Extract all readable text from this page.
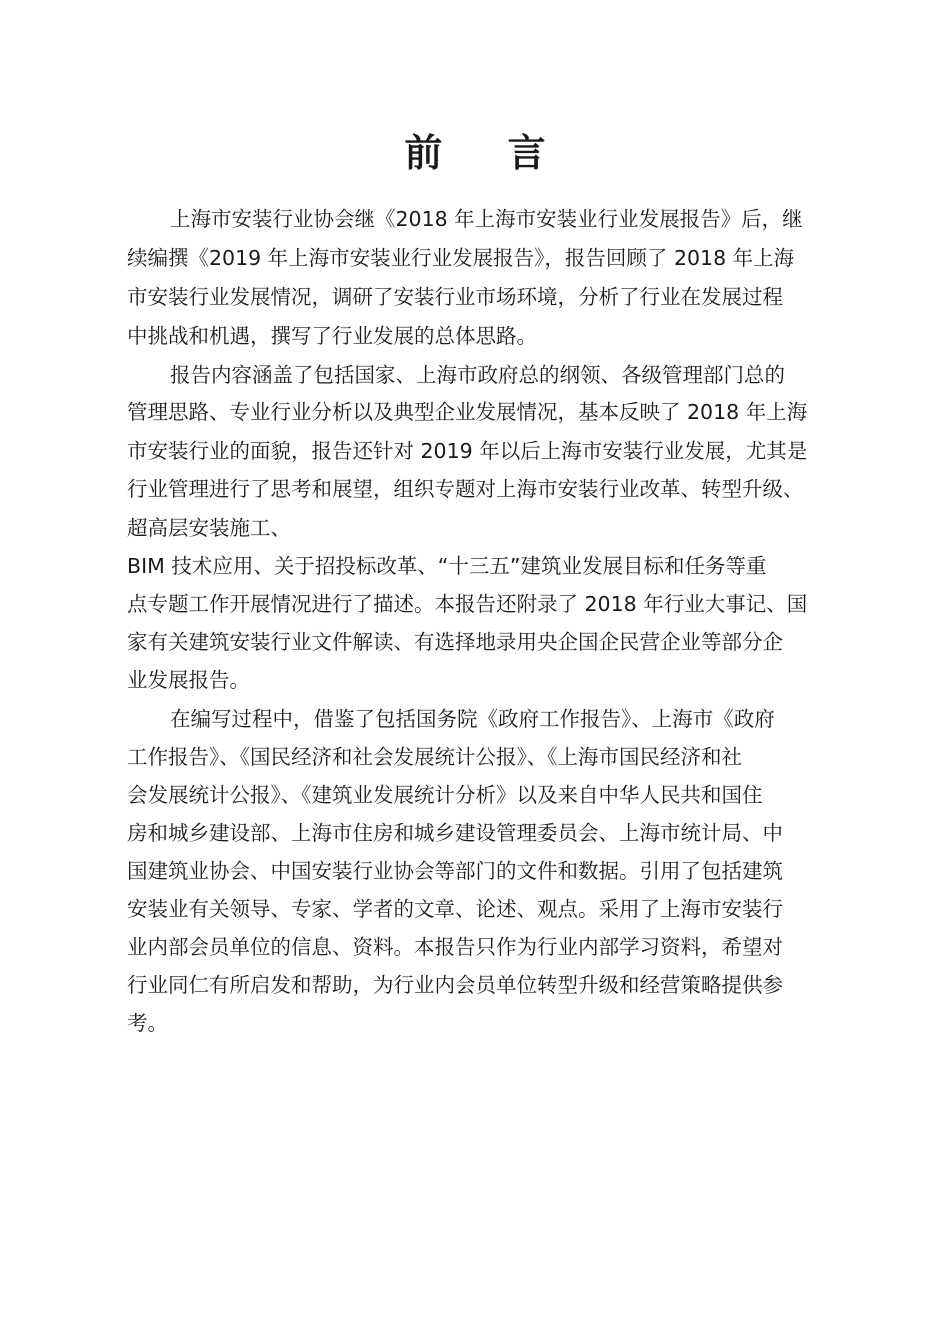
前 言
上海市安装行业协会继《2018 年上海市安装业行业发展报告》后，继
续编撰《2019 年上海市安装业行业发展报告》，报告回顾了 2018 年上海
市安装行业发展情况，调研了安装行业市场环境，分析了行业在发展过程
中挑战和机遇，撰写了行业发展的总体思路。
报告内容涵盖了包括国家、上海市政府总的纲领、各级管理部门总的
管理思路、专业行业分析以及典型企业发展情况，基本反映了 2018 年上海
市安装行业的面貌，报告还针对 2019 年以后上海市安装行业发展，尤其是
行业管理进行了思考和展望，组织专题对上海市安装行业改革、转型升级、
超高层安装施工、
BIM 技术应用、关于招投标改革、“十三五”建筑业发展目标和任务等重
点专题工作开展情况进行了描述。本报告还附录了 2018 年行业大事记、国
家有关建筑安装行业文件解读、有选择地录用央企国企民营企业等部分企
业发展报告。
在编写过程中，借鉴了包括国务院《政府工作报告》、上海市《政府
工作报告》、《国民经济和社会发展统计公报》、《上海市国民经济和社
会发展统计公报》、《建筑业发展统计分析》以及来自中华人民共和国住
房和城乡建设部、上海市住房和城乡建设管理委员会、上海市统计局、中
国建筑业协会、中国安装行业协会等部门的文件和数据。引用了包括建筑
安装业有关领导、专家、学者的文章、论述、观点。采用了上海市安装行
业内部会员单位的信息、资料。本报告只作为行业内部学习资料，希望对
行业同仁有所启发和帮助，为行业内会员单位转型升级和经营策略提供参
考。
